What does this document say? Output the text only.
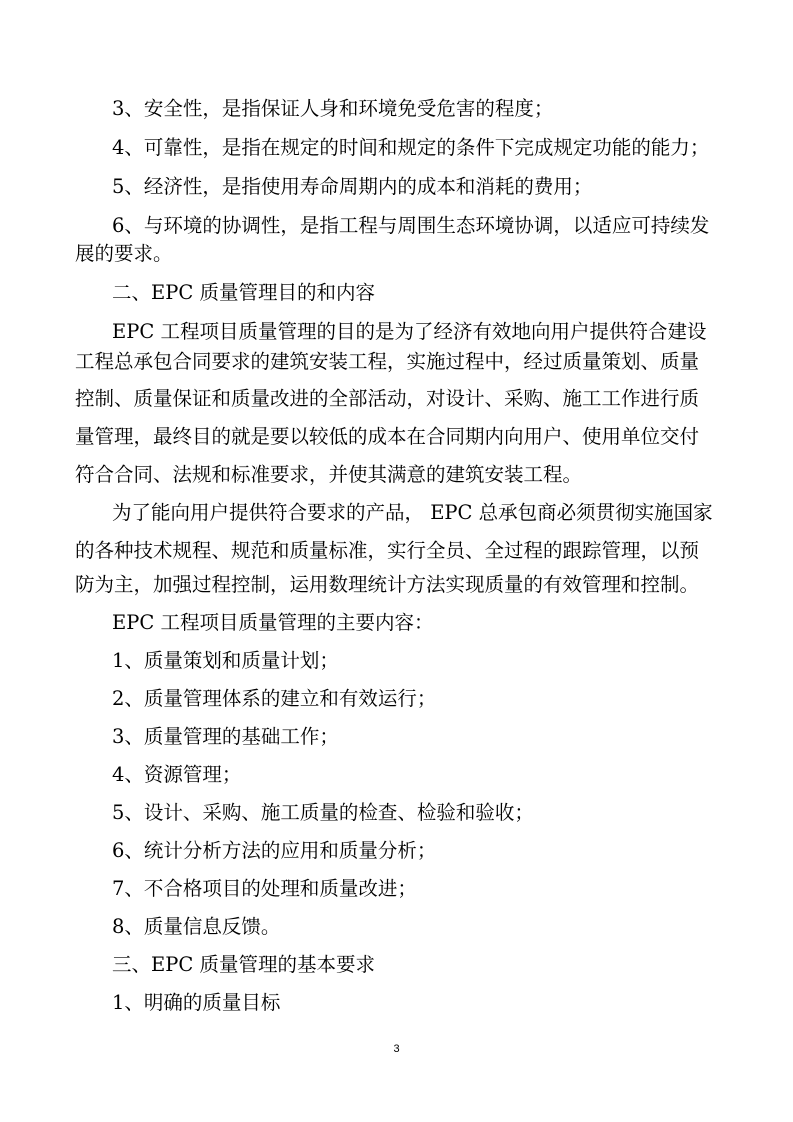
3、安全性，是指保证人身和环境免受危害的程度；
4、可靠性，是指在规定的时间和规定的条件下完成规定功能的能力；
5、经济性，是指使用寿命周期内的成本和消耗的费用；
6、与环境的协调性，是指工程与周围生态环境协调，以适应可持续发
展的要求。
二、EPC 质量管理目的和内容
EPC 工程项目质量管理的目的是为了经济有效地向用户提供符合建设
工程总承包合同要求的建筑安装工程，实施过程中，经过质量策划、质量
控制、质量保证和质量改进的全部活动，对设计、采购、施工工作进行质
量管理，最终目的就是要以较低的成本在合同期内向用户、使用单位交付
符合合同、法规和标准要求，并使其满意的建筑安装工程。
为了能向用户提供符合要求的产品， EPC 总承包商必须贯彻实施国家
的各种技术规程、规范和质量标准，实行全员、全过程的跟踪管理，以预
防为主，加强过程控制，运用数理统计方法实现质量的有效管理和控制。
EPC 工程项目质量管理的主要内容：
1、质量策划和质量计划；
2、质量管理体系的建立和有效运行；
3、质量管理的基础工作；
4、资源管理；
5、设计、采购、施工质量的检查、检验和验收；
6、统计分析方法的应用和质量分析；
7、不合格项目的处理和质量改进；
8、质量信息反馈。
三、EPC 质量管理的基本要求
1、明确的质量目标
3
